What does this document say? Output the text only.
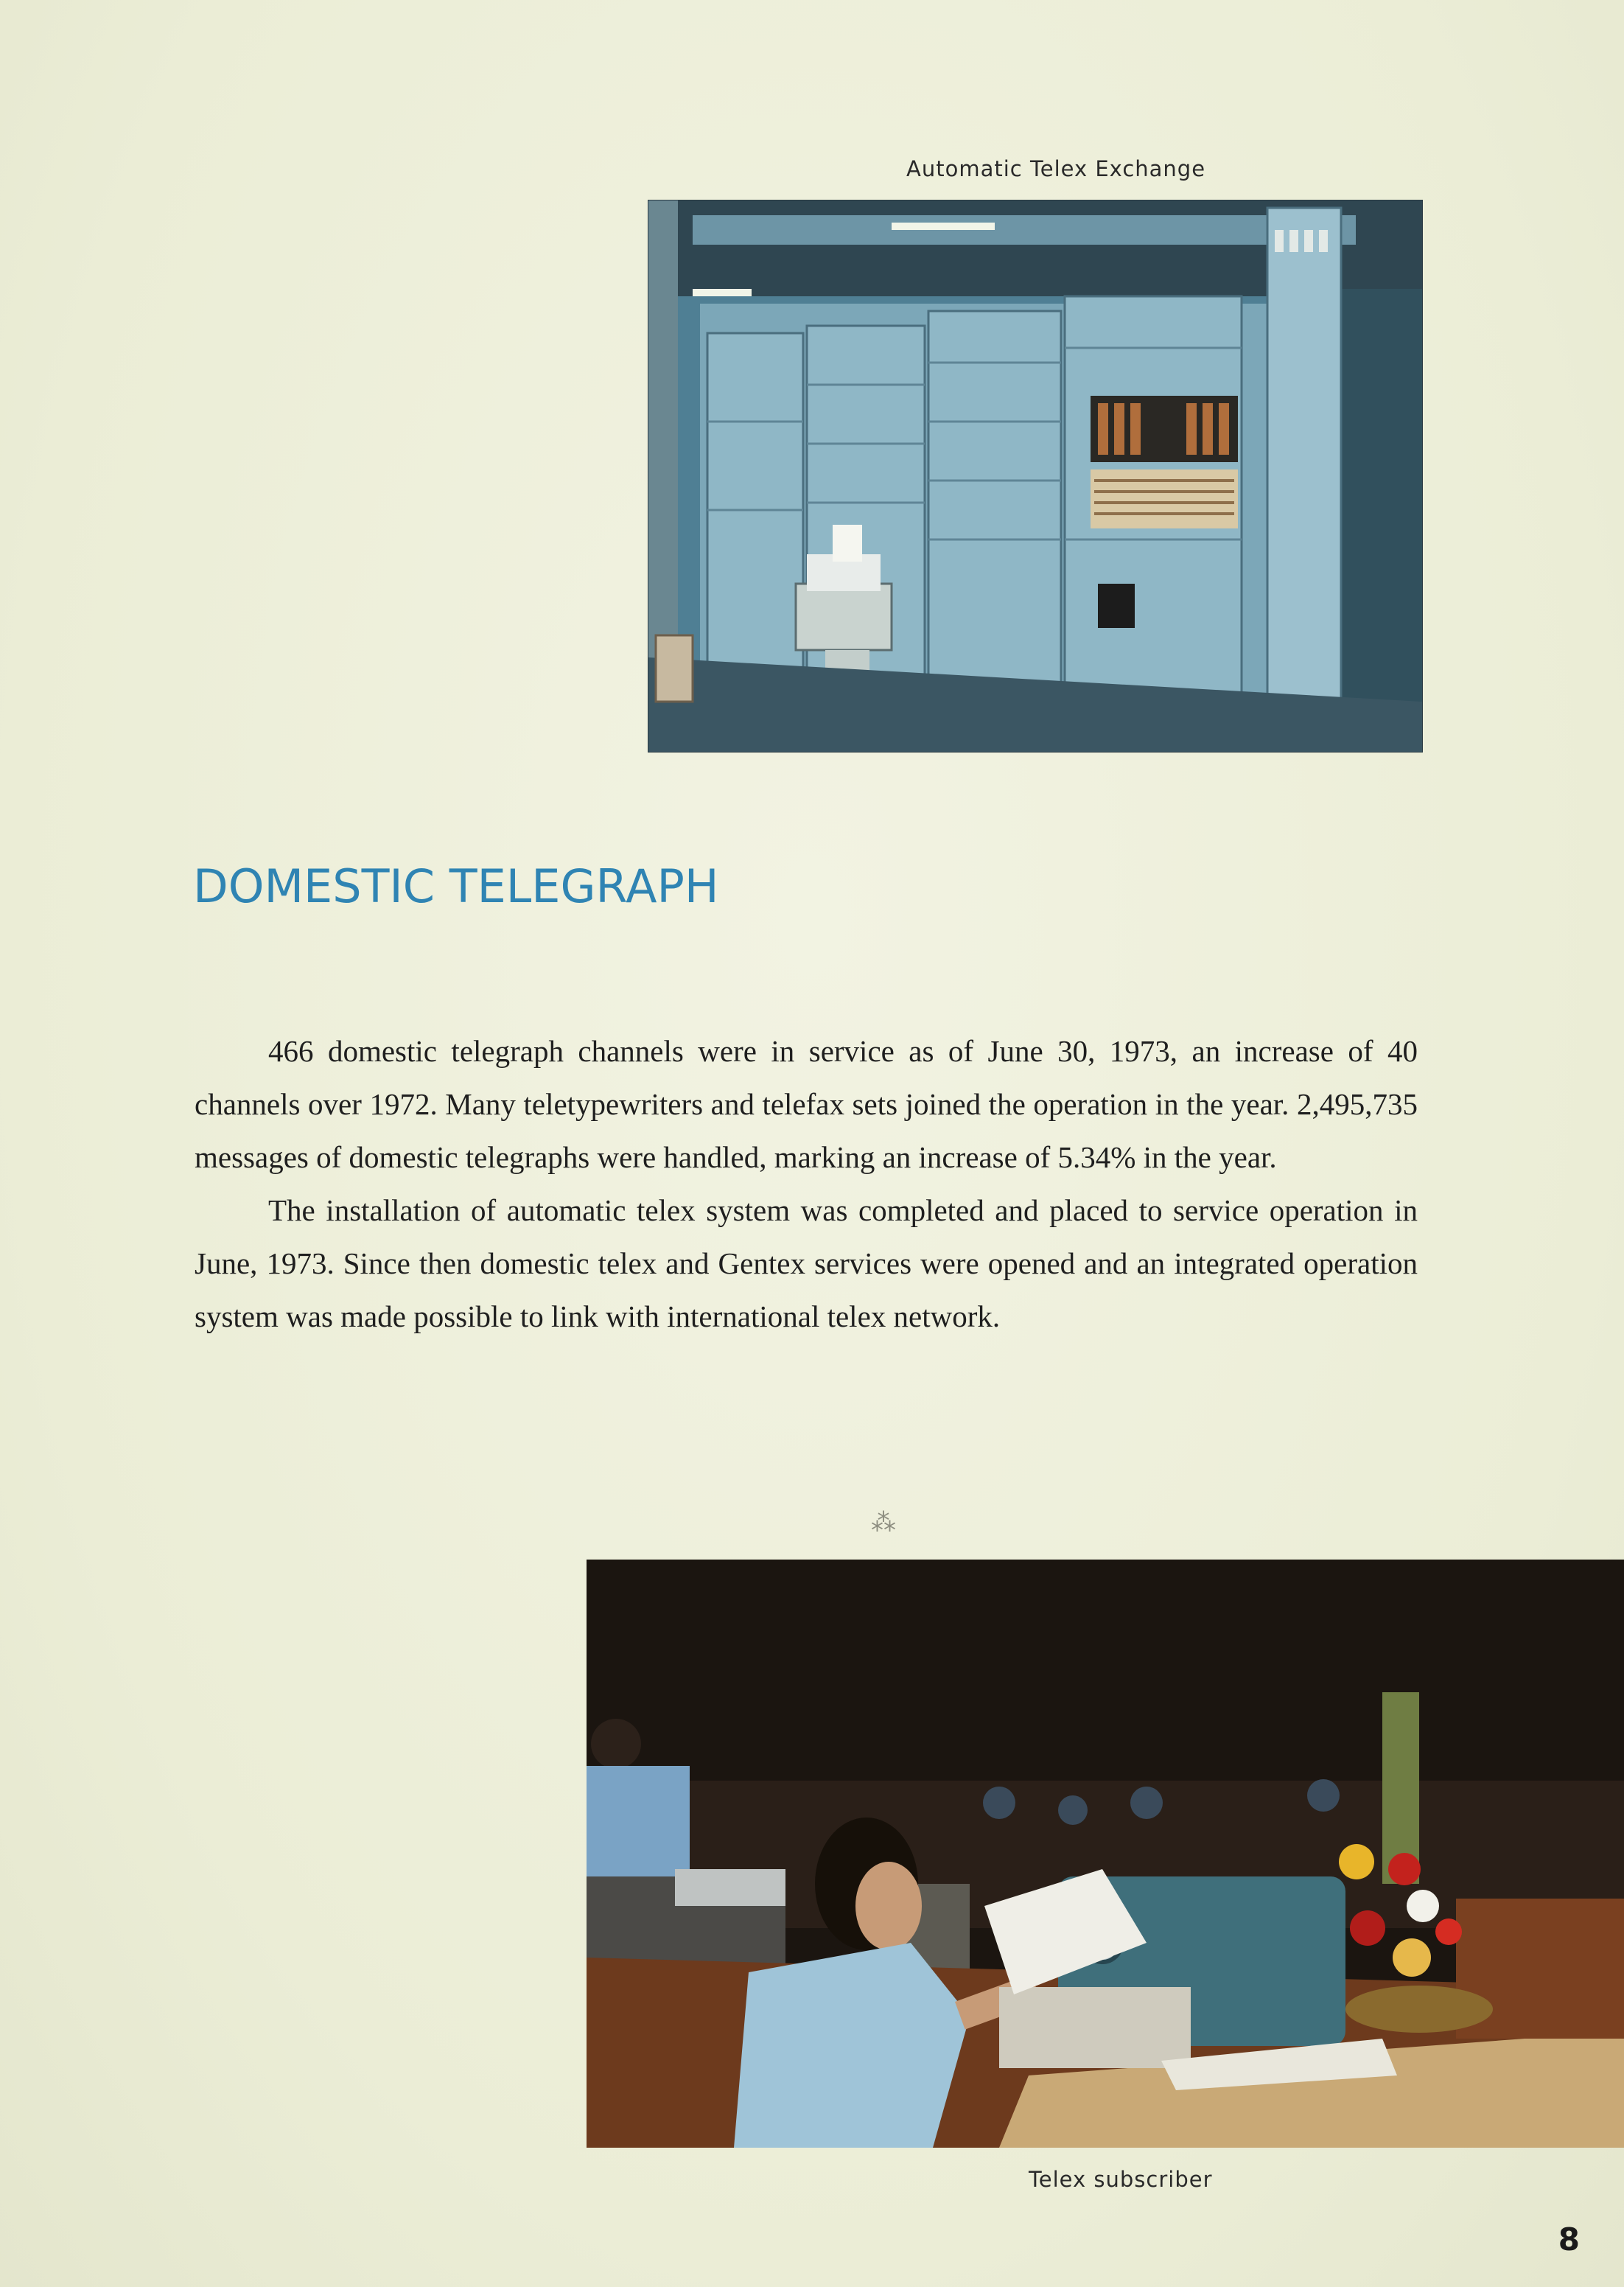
Automatic Telex Exchange
DOMESTIC TELEGRAPH

466 domestic telegraph channels were in service as of June 30, 1973, an increase of 40 channels over 1972. Many teletypewriters and telefax sets joined the operation in the year. 2,495,735 messages of domestic telegraphs were handled, marking an increase of 5.34% in the year.

The installation of automatic telex system was completed and placed to service operation in June, 1973. Since then domestic telex and Gentex services were opened and an integrated operation system was made possible to link with international telex network.

⁂
Telex subscriber
8
